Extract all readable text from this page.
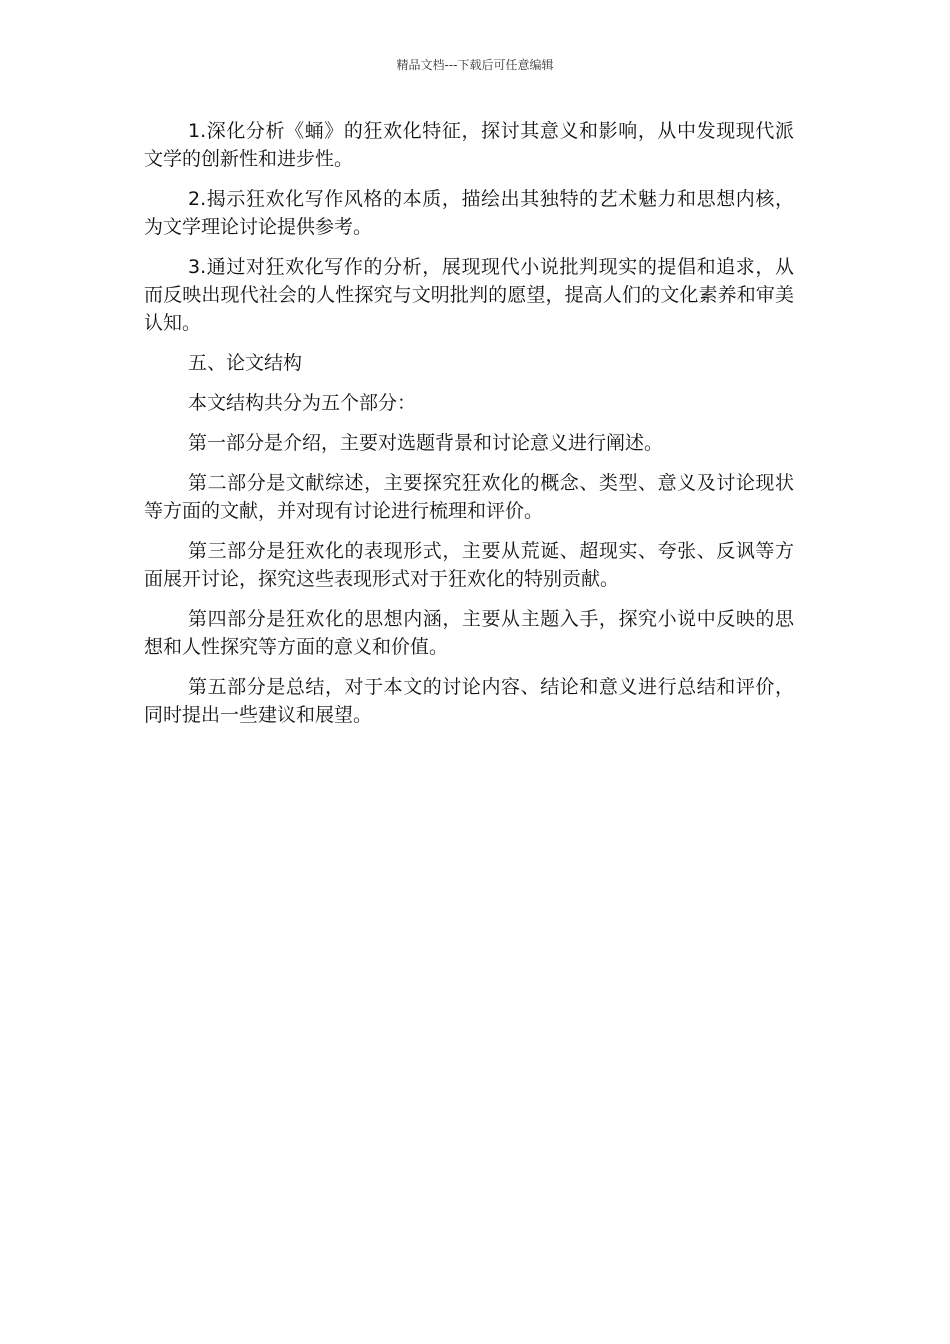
精品文档---下载后可任意编辑

1.深化分析《蛹》的狂欢化特征，探讨其意义和影响，从中发现现代派文学的创新性和进步性。

2.揭示狂欢化写作风格的本质，描绘出其独特的艺术魅力和思想内核，为文学理论讨论提供参考。

3.通过对狂欢化写作的分析，展现现代小说批判现实的提倡和追求，从而反映出现代社会的人性探究与文明批判的愿望，提高人们的文化素养和审美认知。

五、论文结构

本文结构共分为五个部分：

第一部分是介绍，主要对选题背景和讨论意义进行阐述。

第二部分是文献综述，主要探究狂欢化的概念、类型、意义及讨论现状等方面的文献，并对现有讨论进行梳理和评价。

第三部分是狂欢化的表现形式，主要从荒诞、超现实、夸张、反讽等方面展开讨论，探究这些表现形式对于狂欢化的特别贡献。

第四部分是狂欢化的思想内涵，主要从主题入手，探究小说中反映的思想和人性探究等方面的意义和价值。

第五部分是总结，对于本文的讨论内容、结论和意义进行总结和评价，同时提出一些建议和展望。
